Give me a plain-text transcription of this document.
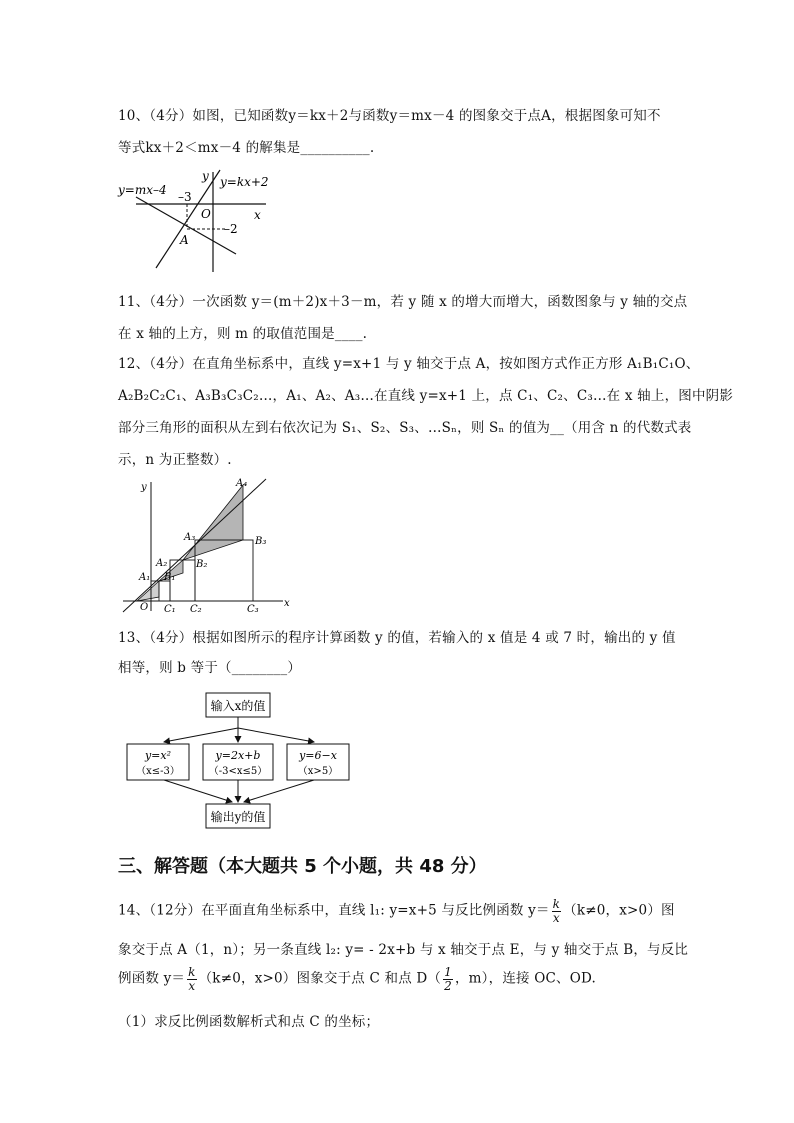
10、（4分）如图，已知函数y＝kx＋2与函数y＝mx－4 的图象交于点A，根据图象可知不
等式kx＋2＜mx－4 的解集是__________.
y=mx–4
y=kx+2
y
x
O
A
–3
–2
11、（4分）一次函数 y＝(m＋2)x＋3－m，若 y 随 x 的增大而增大，函数图象与 y 轴的交点
在 x 轴的上方，则 m 的取值范围是____.
12、（4分）在直角坐标系中，直线 y=x+1 与 y 轴交于点 A，按如图方式作正方形 A₁B₁C₁O、
A₂B₂C₂C₁、A₃B₃C₃C₂…，A₁、A₂、A₃…在直线 y=x+1 上，点 C₁、C₂、C₃…在 x 轴上，图中阴影
部分三角形的面积从左到右依次记为 S₁、S₂、S₃、…Sₙ，则 Sₙ 的值为__（用含 n 的代数式表
示，n 为正整数）.
y
x
O
A₁
A₂
A₃
A₄
B₁
B₂
B₃
C₁ C₂	C₃
13、（4分）根据如图所示的程序计算函数 y 的值，若输入的 x 值是 4 或 7 时，输出的 y 值
相等，则 b 等于（________）
输入x的值
y=x²
（x≤-3）
y=2x+b
（-3<x≤5）
y=6−x
（x>5）
输出y的值
三、解答题（本大题共 5 个小题，共 48 分）
14、（12分）在平面直角坐标系中，直线 l₁: y=x+5 与反比例函数 $y= \frac{k}{x} (k\ne 0$，x>0）图
象交于点 A（1，n）；另一条直线 l₂: y= - 2x+b 与 x 轴交于点 E，与 y 轴交于点 B，与反比
例函数 $y= \frac{k}{x} (k\ne 0$，x>0）图象交于点 C 和点 $D( \frac{1}{2}$ ，m），连接 OC、OD.
（1）求反比例函数解析式和点 C 的坐标；
